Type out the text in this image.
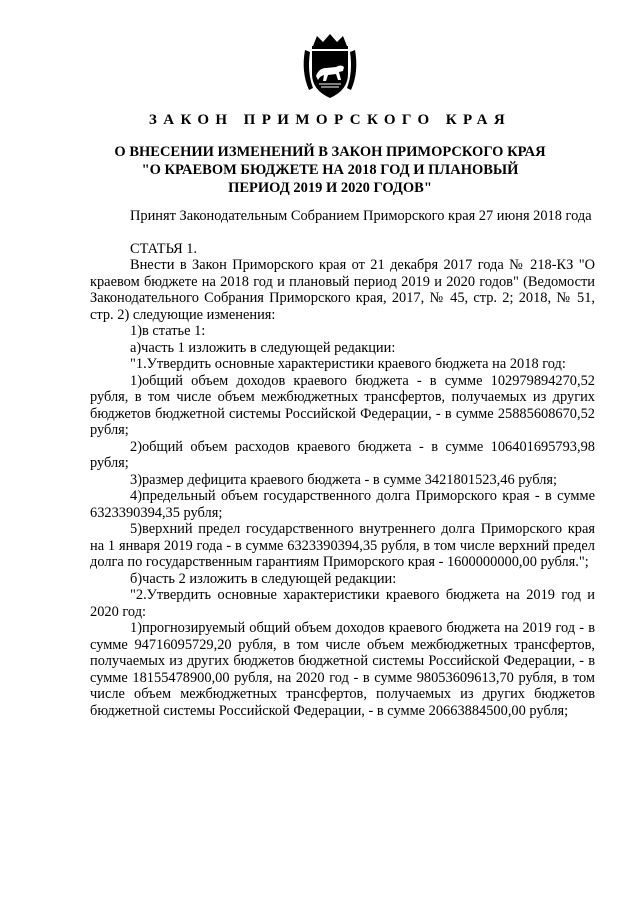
ЗАКОН ПРИМОРСКОГО КРАЯ
О ВНЕСЕНИИ ИЗМЕНЕНИЙ В ЗАКОН ПРИМОРСКОГО КРАЯ
"О КРАЕВОМ БЮДЖЕТЕ НА 2018 ГОД И ПЛАНОВЫЙ
ПЕРИОД 2019 И 2020 ГОДОВ"

Принят Законодательным Собранием Приморского края 27 июня 2018 года

СТАТЬЯ 1.

Внести в Закон Приморского края от 21 декабря 2017 года № 218-КЗ "О краевом бюджете на 2018 год и плановый период 2019 и 2020 годов" (Ведомости Законодательного Собрания Приморского края, 2017, № 45, стр. 2; 2018, № 51, стр. 2) следующие изменения:

1)в статье 1:

а)часть 1 изложить в следующей редакции:

"1.Утвердить основные характеристики краевого бюджета на 2018 год:

1)общий объем доходов краевого бюджета - в сумме 102979894270,52 рубля, в том числе объем межбюджетных трансфертов, получаемых из других бюджетов бюджетной системы Российской Федерации, - в сумме 25885608670,52 рубля;

2)общий объем расходов краевого бюджета - в сумме 106401695793,98 рубля;

3)размер дефицита краевого бюджета - в сумме 3421801523,46 рубля;

4)предельный объем государственного долга Приморского края - в сумме 6323390394,35 рубля;

5)верхний предел государственного внутреннего долга Приморского края на 1 января 2019 года - в сумме 6323390394,35 рубля, в том числе верхний предел долга по государственным гарантиям Приморского края - 1600000000,00 рубля.";

б)часть 2 изложить в следующей редакции:

"2.Утвердить основные характеристики краевого бюджета на 2019 год и 2020 год:

1)прогнозируемый общий объем доходов краевого бюджета на 2019 год - в сумме 94716095729,20 рубля, в том числе объем межбюджетных трансфертов, получаемых из других бюджетов бюджетной системы Российской Федерации, - в сумме 18155478900,00 рубля, на 2020 год - в сумме 98053609613,70 рубля, в том числе объем межбюджетных трансфертов, получаемых из других бюджетов бюджетной системы Российской Федерации, - в сумме 20663884500,00 рубля;
